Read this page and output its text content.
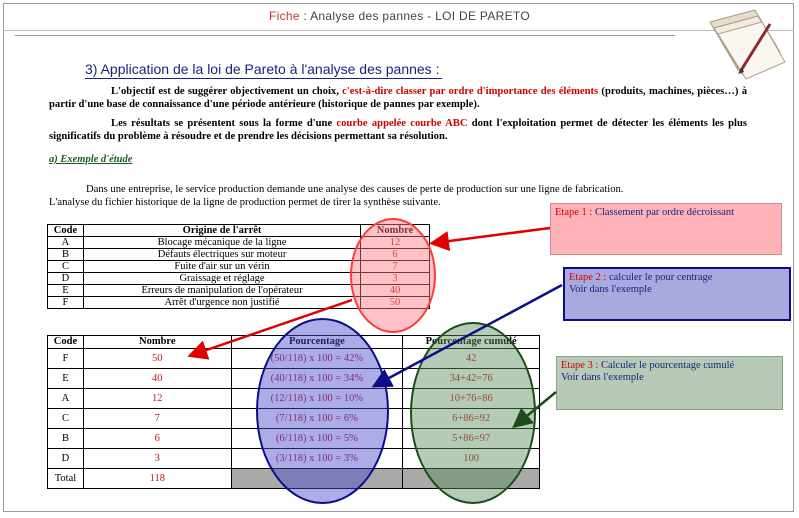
Fiche : Analyse des pannes - LOI DE PARETO
3) Application de la loi de Pareto à l'analyse des pannes :
L'objectif est de suggérer objectivement un choix, c'est-à-dire classer par ordre d'importance des éléments (produits, machines, pièces…) à partir d'une base de connaissance d'une période antérieure (historique de pannes par exemple).
Les résultats se présentent sous la forme d'une courbe appelée courbe ABC dont l'exploitation permet de détecter les éléments les plus significatifs du problème à résoudre et de prendre les décisions permettant sa résolution.
a) Exemple d'étude
Dans une entreprise, le service production demande une analyse des causes de perte de production sur une ligne de fabrication.
L'analyse du fichier historique de la ligne de production permet de tirer la synthèse suivante.
Code	Origine de l'arrêt	Nombre
A	Blocage mécanique de la ligne	12
B	Défauts électriques sur moteur	6
C	Fuite d'air sur un vérin	7
D	Graissage et réglage	3
E	Erreurs de manipulation de l'opérateur	40
F	Arrêt d'urgence non justifié	50
Code	Nombre	Pourcentage	Pourcentage cumulé
F	50	(50/118) x 100 = 42%	42
E	40	(40/118) x 100 = 34%	34+42=76
A	12	(12/118) x 100 = 10%	10+76=86
C	7	(7/118) x 100 = 6%	6+86=92
B	6	(6/118) x 100 = 5%	5+86=97
D	3	(3/118) x 100 = 3%	100
Total	118		
Etape 1 : Classement par ordre décroissant
Etape 2 : calculer le pour centrage
Voir dans l'exemple
Etape 3 : Calculer le pourcentage cumulé
Voir dans l'exemple
